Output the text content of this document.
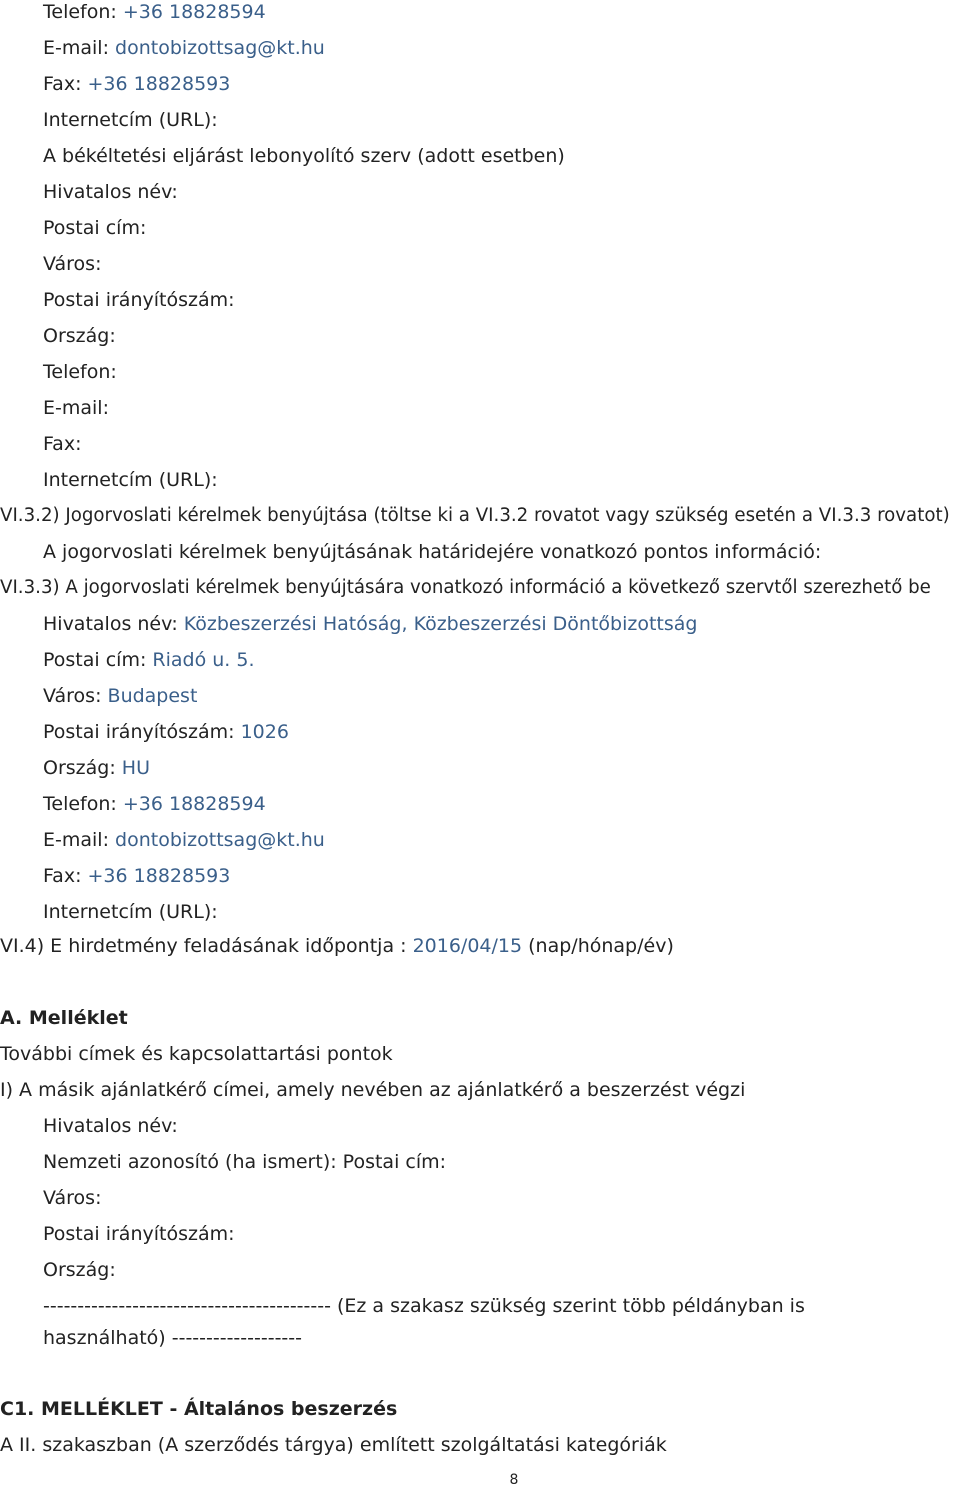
Telefon: +36 18828594
E-mail: dontobizottsag@kt.hu
Fax: +36 18828593
Internetcím (URL):
A békéltetési eljárást lebonyolító szerv (adott esetben)
Hivatalos név:
Postai cím:
Város:
Postai irányítószám:
Ország:
Telefon:
E-mail:
Fax:
Internetcím (URL):
VI.3.2) Jogorvoslati kérelmek benyújtása (töltse ki a VI.3.2 rovatot vagy szükség esetén a VI.3.3 rovatot)
A jogorvoslati kérelmek benyújtásának határidejére vonatkozó pontos információ:
VI.3.3) A jogorvoslati kérelmek benyújtására vonatkozó információ a következő szervtől szerezhető be
Hivatalos név: Közbeszerzési Hatóság, Közbeszerzési Döntőbizottság
Postai cím: Riadó u. 5.
Város: Budapest
Postai irányítószám: 1026
Ország: HU
Telefon: +36 18828594
E-mail: dontobizottsag@kt.hu
Fax: +36 18828593
Internetcím (URL):
VI.4) E hirdetmény feladásának időpontja : 2016/04/15 (nap/hónap/év)
A. Melléklet
További címek és kapcsolattartási pontok
I) A másik ajánlatkérő címei, amely nevében az ajánlatkérő a beszerzést végzi
Hivatalos név:
Nemzeti azonosító (ha ismert): Postai cím:
Város:
Postai irányítószám:
Ország:
------------------------------------------ (Ez a szakasz szükség szerint több példányban is
használható) -------------------
C1. MELLÉKLET - Általános beszerzés
A II. szakaszban (A szerződés tárgya) említett szolgáltatási kategóriák
8
